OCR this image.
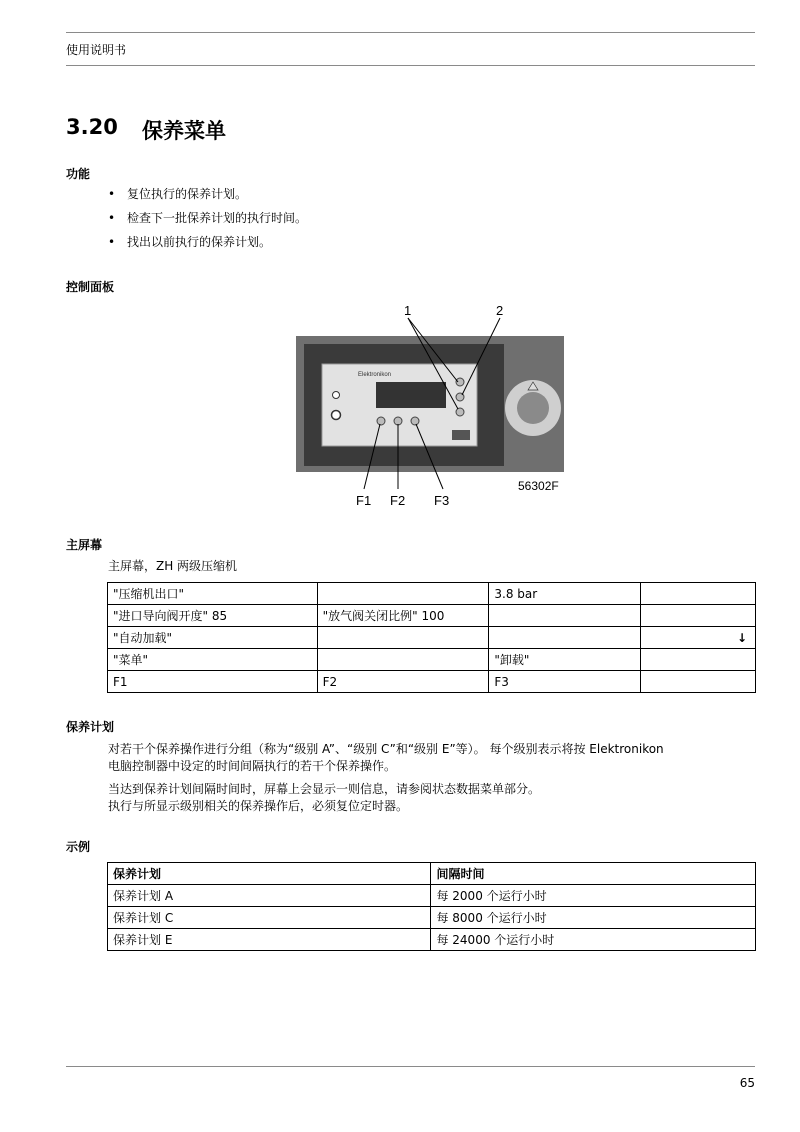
使用说明书
3.20 保养菜单
功能
• 复位执行的保养计划。
• 检查下一批保养计划的执行时间。
• 找出以前执行的保养计划。
控制面板
Elektronikon
1	2
F1 F2 F3
56302F
主屏幕
主屏幕，ZH 两级压缩机
"压缩机出口"		3.8 bar	
"进口导向阀开度" 85	"放气阀关闭比例" 100		
"自动加载"			↓
"菜单"		"卸载"	
F1	F2	F3	
保养计划
对若干个保养操作进行分组（称为“级别 A”、“级别 C”和“级别 E”等）。 每个级别表示将按 Elektronikon
电脑控制器中设定的时间间隔执行的若干个保养操作。
当达到保养计划间隔时间时，屏幕上会显示一则信息，请参阅状态数据菜单部分。
执行与所显示级别相关的保养操作后，必须复位定时器。
示例
保养计划	间隔时间
保养计划 A	每 2000 个运行小时
保养计划 C	每 8000 个运行小时
保养计划 E	每 24000 个运行小时
65
